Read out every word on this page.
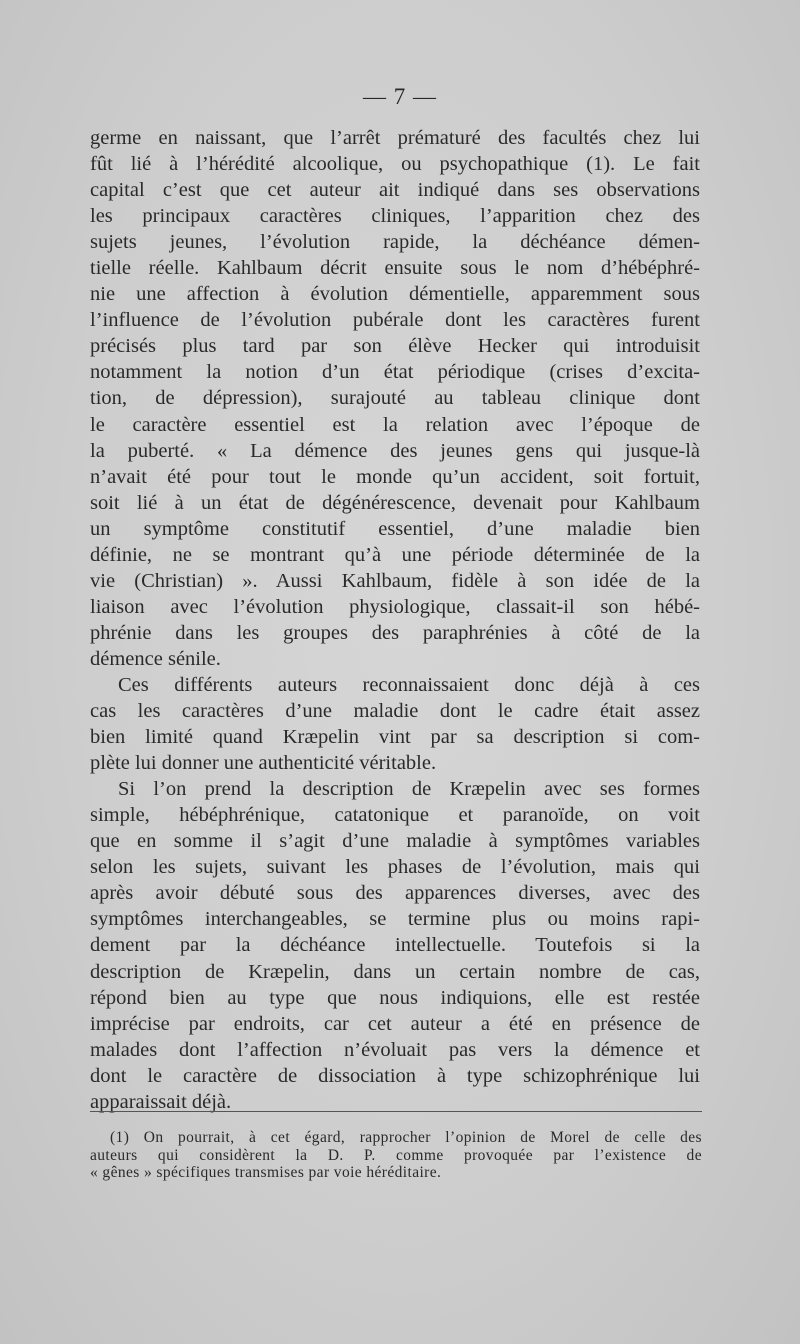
— 7 —
germe en naissant, que l’arrêt prématuré des facultés chez lui
fût lié à l’hérédité alcoolique, ou psychopathique (1). Le fait
capital c’est que cet auteur ait indiqué dans ses observations
les principaux caractères cliniques, l’apparition chez des
sujets jeunes, l’évolution rapide, la déchéance démen-
tielle réelle. Kahlbaum décrit ensuite sous le nom d’hébéphré-
nie une affection à évolution démentielle, apparemment sous
l’influence de l’évolution pubérale dont les caractères furent
précisés plus tard par son élève Hecker qui introduisit
notamment la notion d’un état périodique (crises d’excita-
tion, de dépression), surajouté au tableau clinique dont
le caractère essentiel est la relation avec l’époque de
la puberté. « La démence des jeunes gens qui jusque-là
n’avait été pour tout le monde qu’un accident, soit fortuit,
soit lié à un état de dégénérescence, devenait pour Kahlbaum
un symptôme constitutif essentiel, d’une maladie bien
définie, ne se montrant qu’à une période déterminée de la
vie (Christian) ». Aussi Kahlbaum, fidèle à son idée de la
liaison avec l’évolution physiologique, classait-il son hébé-
phrénie dans les groupes des paraphrénies à côté de la
démence sénile.
Ces différents auteurs reconnaissaient donc déjà à ces
cas les caractères d’une maladie dont le cadre était assez
bien limité quand Kræpelin vint par sa description si com-
plète lui donner une authenticité véritable.
Si l’on prend la description de Kræpelin avec ses formes
simple, hébéphrénique, catatonique et paranoïde, on voit
que en somme il s’agit d’une maladie à symptômes variables
selon les sujets, suivant les phases de l’évolution, mais qui
après avoir débuté sous des apparences diverses, avec des
symptômes interchangeables, se termine plus ou moins rapi-
dement par la déchéance intellectuelle. Toutefois si la
description de Kræpelin, dans un certain nombre de cas,
répond bien au type que nous indiquions, elle est restée
imprécise par endroits, car cet auteur a été en présence de
malades dont l’affection n’évoluait pas vers la démence et
dont le caractère de dissociation à type schizophrénique lui
apparaissait déjà.
(1) On pourrait, à cet égard, rapprocher l’opinion de Morel de celle des
auteurs qui considèrent la D. P. comme provoquée par l’existence de
« gênes » spécifiques transmises par voie héréditaire.
